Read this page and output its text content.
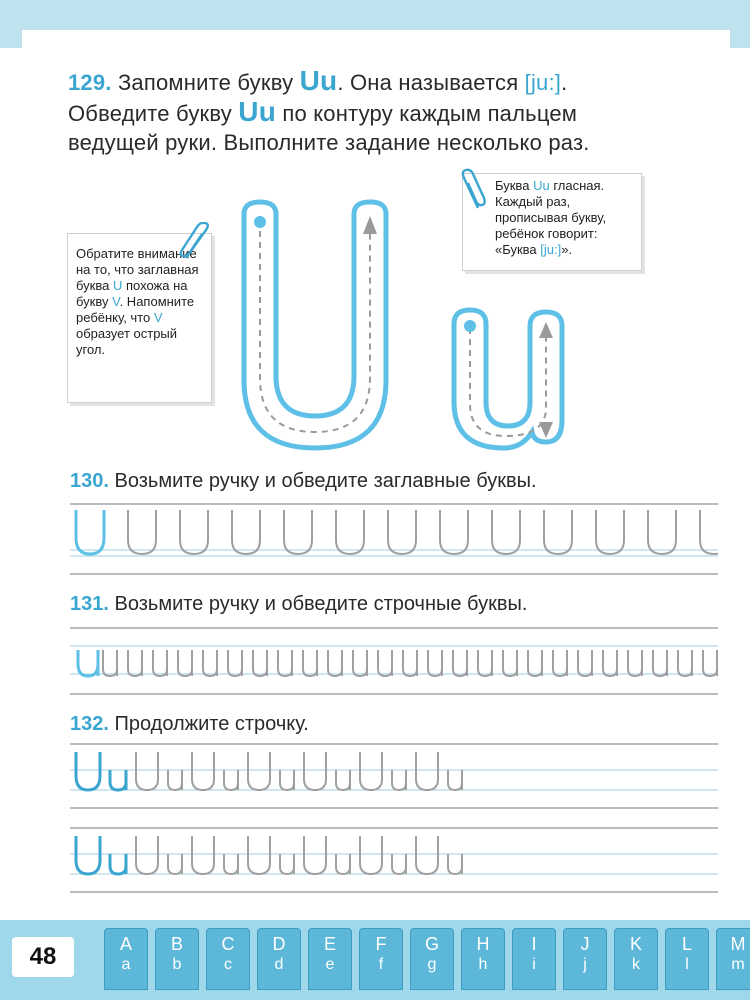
129. Запомните букву Uu. Она называется [ju:].
Обведите букву Uu по контуру каждым пальцем
ведущей руки. Выполните задание несколько раз.
Обратите внимание на то, что заглавная буква U похожа на букву V. Напомните ребёнку, что V образует острый угол.
Буква Uu гласная. Каждый раз, прописывая букву, ребёнок говорит: «Буква [ju:]».
130. Возьмите ручку и обведите заглавные буквы.
131. Возьмите ручку и обведите строчные буквы.
132. Продолжите строчку.
48	A
a
B
b
C
c
D
d
E
e
F
f
G
g
H
h
I
i
J
j
K
k
L
l
M
m
